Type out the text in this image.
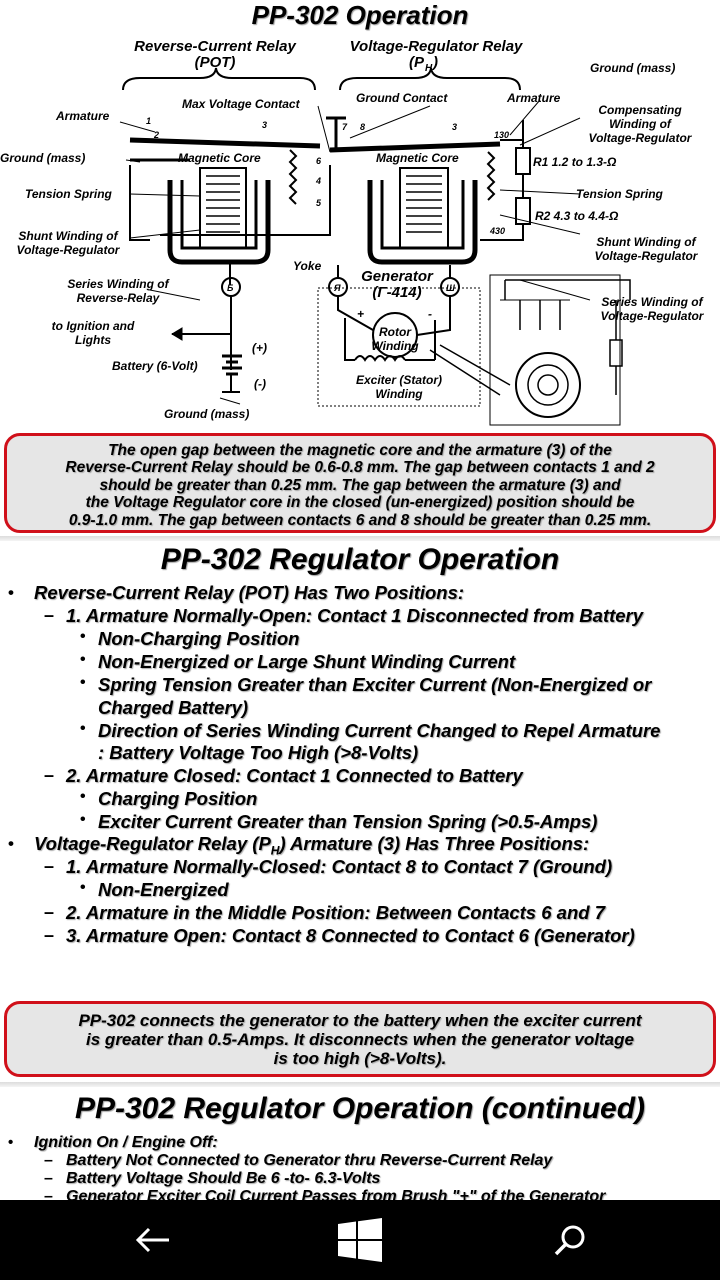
PP-302 Operation
Reverse-Current Relay
(POT)
Voltage-Regulator Relay
(P H )	Ground (mass)
Max Voltage Contact	Ground Contact
Armature
Armature
Compensating
Winding of
Voltage-Regulator
Ground (mass)	Magnetic Core	Magnetic Core	R1 1.2 to 1.3-Ω
Tension Spring	Tension Spring
R2 4.3 to 4.4-Ω
Shunt Winding of
Voltage-Regulator
Shunt Winding of
Voltage-Regulator
Yoke
Series Winding of
Reverse-Relay	Series Winding of
Voltage-Regulator
to Ignition and
Lights
Rotor
Winding
Battery (6-Volt)
(+)
(-)	Exciter (Stator)
Winding
Ground (mass)
Generator
(Г-414)
1
2
3	3
4
5
6
7 8
130
430
Б	Я	Ш
+	-
The open gap between the magnetic core and the armature (3) of the
Reverse-Current Relay should be 0.6-0.8 mm. The gap between contacts 1 and 2
should be greater than 0.25 mm. The gap between the armature (3) and
the Voltage Regulator core in the closed (un-energized) position should be
0.9-1.0 mm. The gap between contacts 6 and 8 should be greater than 0.25 mm.
PP-302 Regulator Operation
• Reverse-Current Relay (POT) Has Two Positions:
– 1. Armature Normally-Open: Contact 1 Disconnected from Battery
• Non-Charging Position
• Non-Energized or Large Shunt Winding Current
• Spring Tension Greater than Exciter Current (Non-Energized or
Charged Battery)
• Direction of Series Winding Current Changed to Repel Armature
: Battery Voltage Too High (>8-Volts)
– 2. Armature Closed: Contact 1 Connected to Battery
• Charging Position
• Exciter Current Greater than Tension Spring (>0.5-Amps)
• Voltage-Regulator Relay $(P_H)$ Armature (3) Has Three Positions:
– 1. Armature Normally-Closed: Contact 8 to Contact 7 (Ground)
• Non-Energized
– 2. Armature in the Middle Position: Between Contacts 6 and 7
– 3. Armature Open: Contact 8 Connected to Contact 6 (Generator)
PP-302 connects the generator to the battery when the exciter current
is greater than 0.5-Amps. It disconnects when the generator voltage
is too high (>8-Volts).
PP-302 Regulator Operation (continued)
• Ignition On / Engine Off:
– Battery Not Connected to Generator thru Reverse-Current Relay
– Battery Voltage Should Be 6 -to- 6.3-Volts
– Generator Exciter Coil Current Passes from Brush "+" of the Generator
